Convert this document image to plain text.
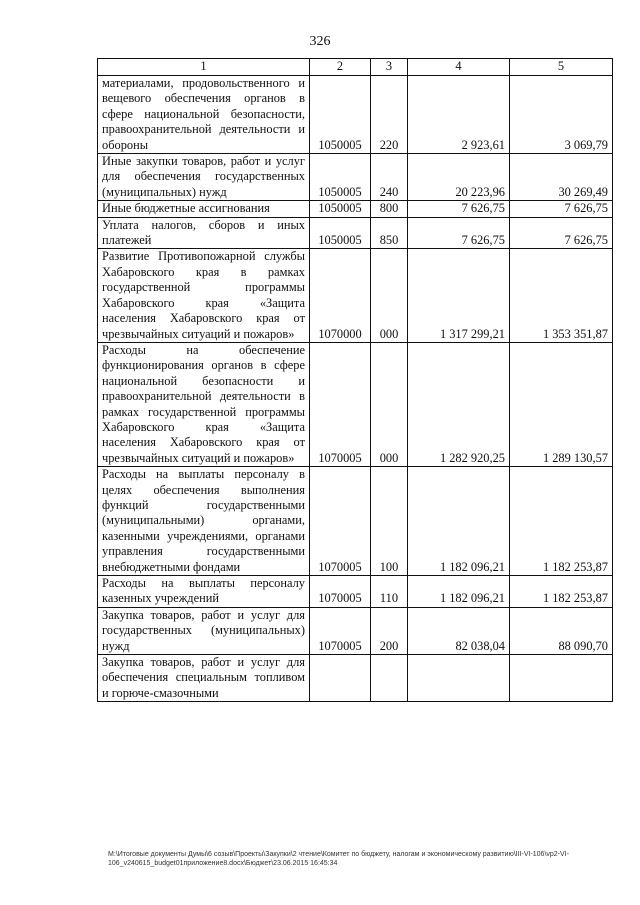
326
1	2	3	4	5
материалами, продовольственного и вещевого обеспечения органов в сфере национальной безопасности, правоохранительной деятельности и обороны	1050005	220	2 923,61	3 069,79
Иные закупки товаров, работ и услуг для обеспечения государственных (муниципальных) нужд	1050005	240	20 223,96	30 269,49
Иные бюджетные ассигнования	1050005	800	7 626,75	7 626,75
Уплата налогов, сборов и иных платежей	1050005	850	7 626,75	7 626,75
Развитие Противопожарной службы Хабаровского края в рамках государственной программы Хабаровского края «Защита населения Хабаровского края от чрезвычайных ситуаций и пожаров»	1070000	000	1 317 299,21	1 353 351,87
Расходы на обеспечение функционирования органов в сфере национальной безопасности и правоохранительной деятельности в рамках государственной программы Хабаровского края «Защита населения Хабаровского края от чрезвычайных ситуаций и пожаров»	1070005	000	1 282 920,25	1 289 130,57
Расходы на выплаты персоналу в целях обеспечения выполнения функций государственными (муниципальными) органами, казенными учреждениями, органами управления государственными внебюджетными фондами	1070005	100	1 182 096,21	1 182 253,87
Расходы на выплаты персоналу казенных учреждений	1070005	110	1 182 096,21	1 182 253,87
Закупка товаров, работ и услуг для государственных (муниципальных) нужд	1070005	200	82 038,04	88 090,70
Закупка товаров, работ и услуг для обеспечения специальным топливом и горюче-смазочными				
M:\Итоговые документы Думы\6 созыв\Проекты\Закупки\2 чтение\Комитет по бюджету, налогам и экономическому развитию\III-VI-106\vp2-VI-106_v240615_budget01приложение8.docx\Бюджет\23.06.2015 16:45:34
